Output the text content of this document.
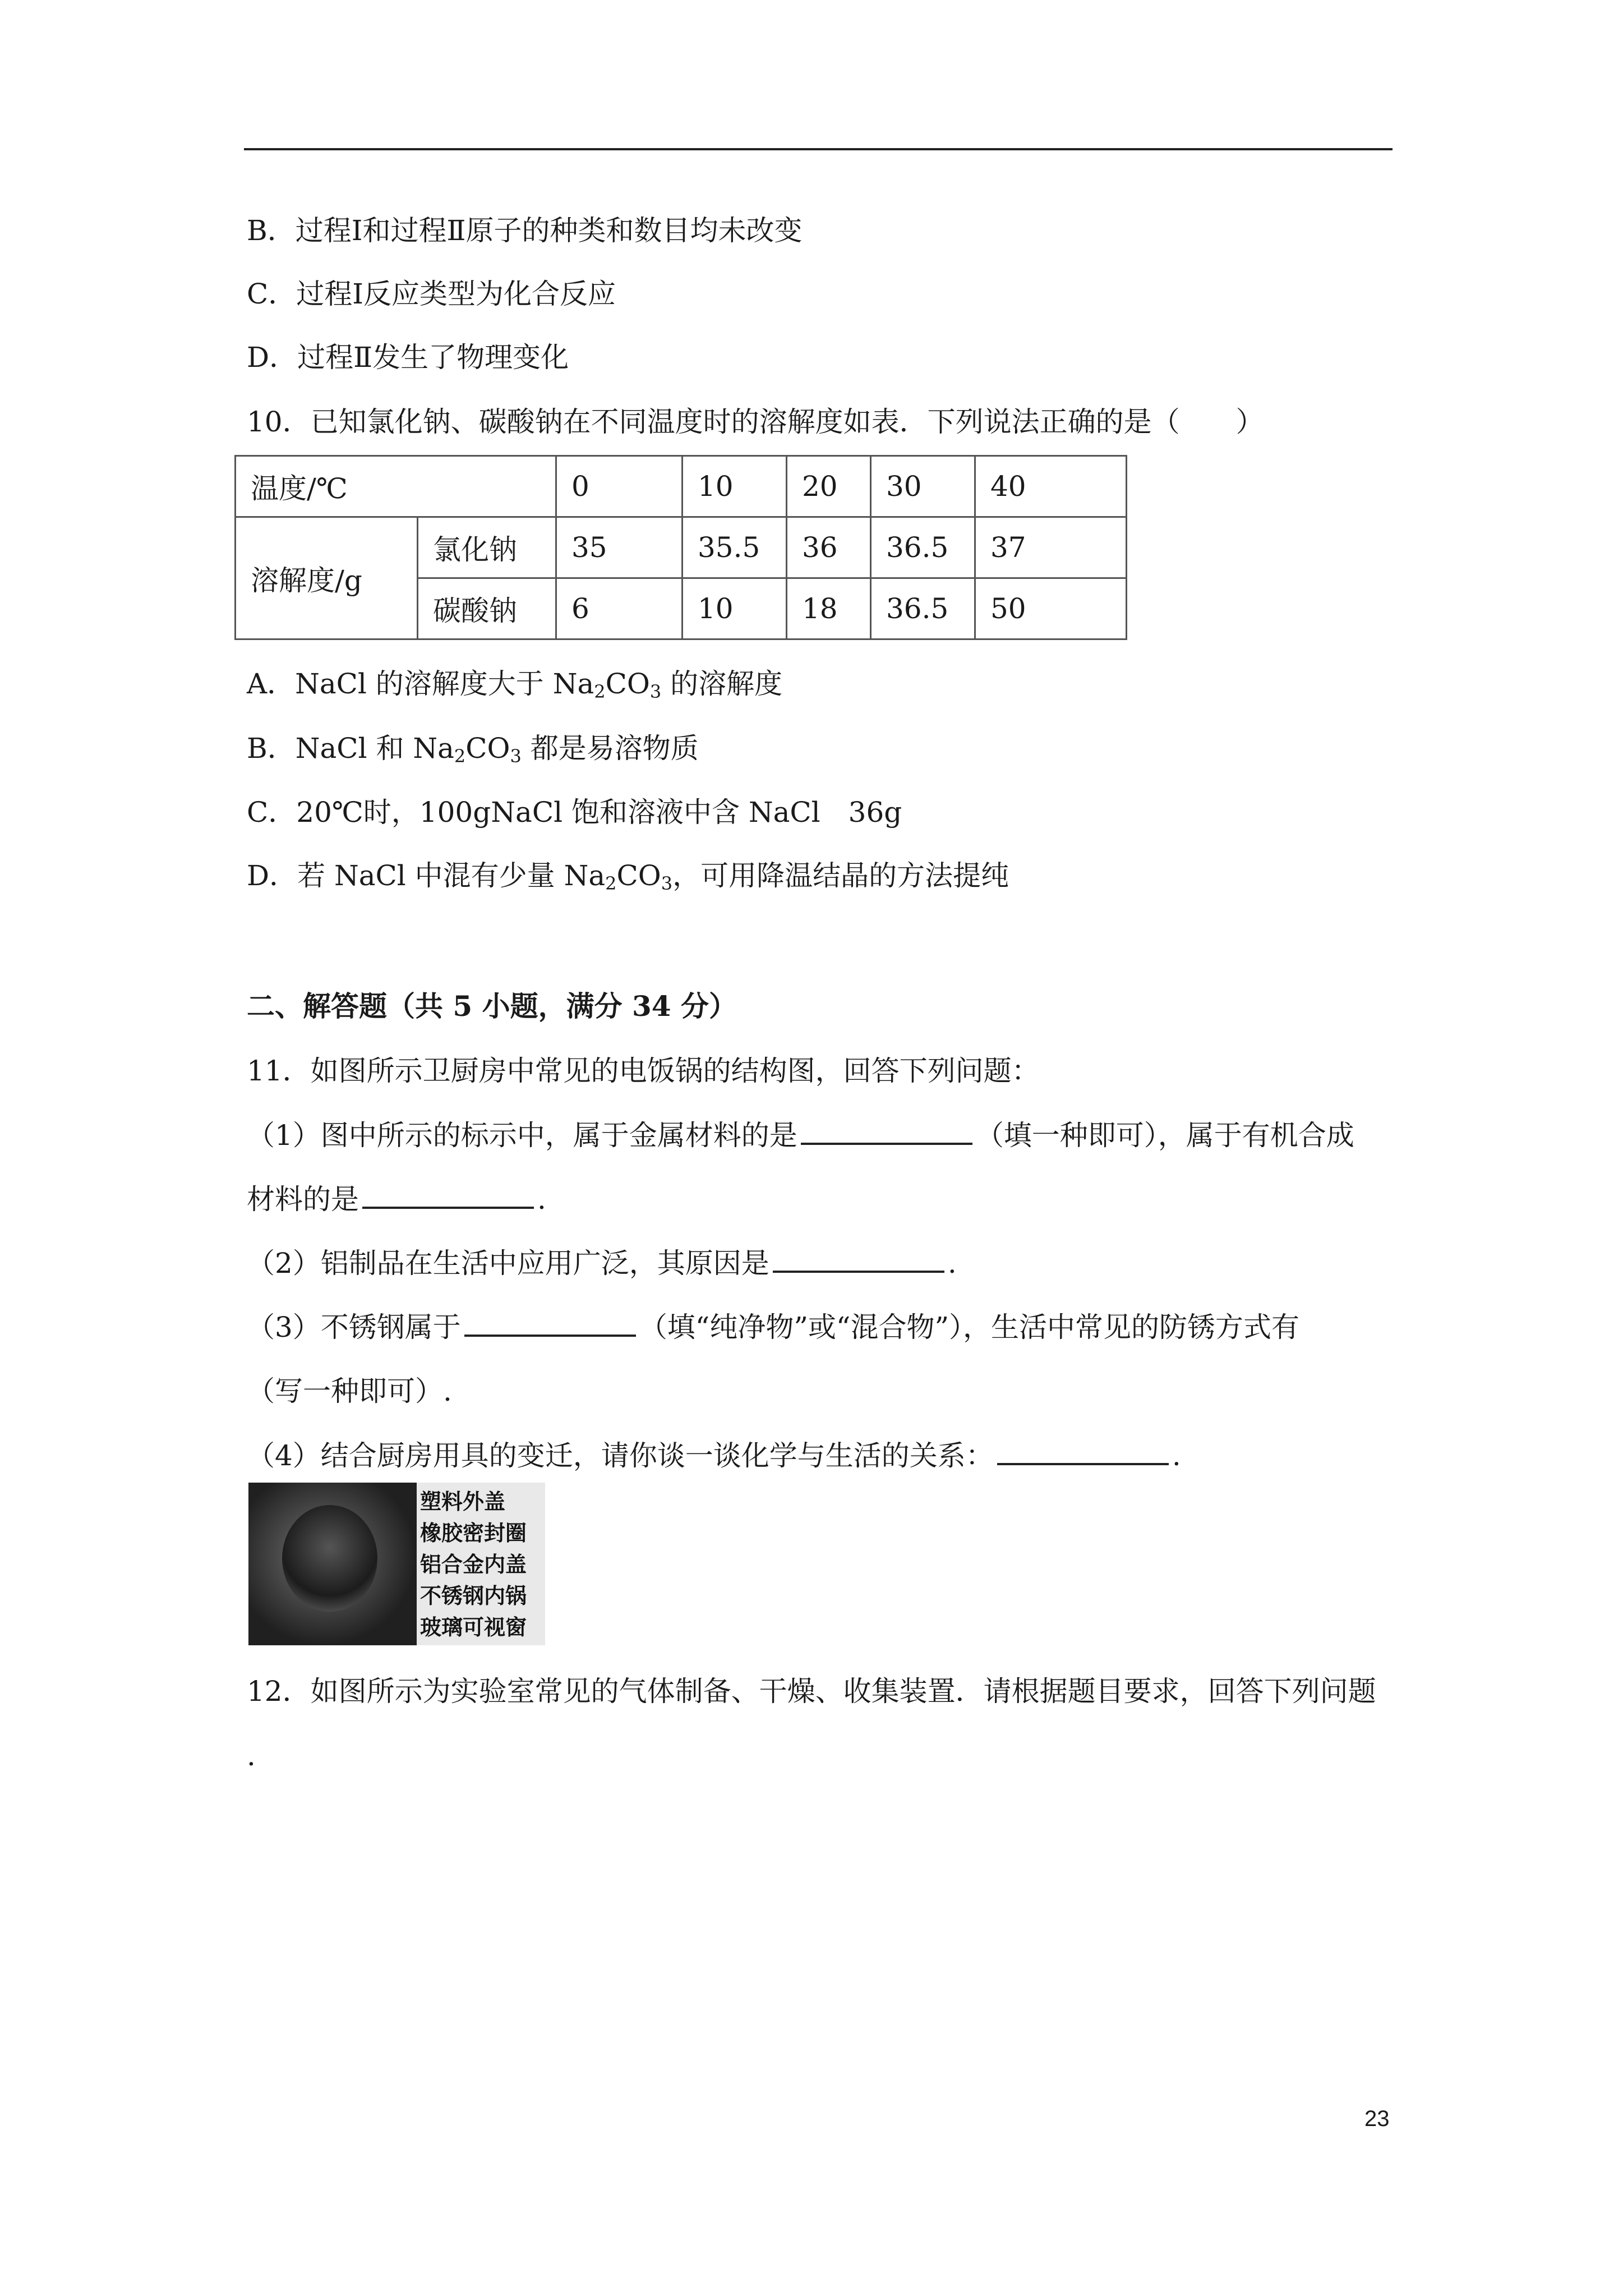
B．过程Ⅰ和过程Ⅱ原子的种类和数目均未改变
C．过程Ⅰ反应类型为化合反应
D．过程Ⅱ发生了物理变化
10．已知氯化钠、碳酸钠在不同温度时的溶解度如表．下列说法正确的是（　　）
温度/℃		0	10	20	30	40
溶解度/g	氯化钠	35	35.5	36	36.5	37
	碳酸钠	6	10	18	36.5	50
A．NaCl 的溶解度大于 $Na_2CO_3$ 的溶解度
B．NaCl 和 $Na_2CO_3$ 都是易溶物质
C．20℃时，100gNaCl 饱和溶液中含 NaCl　36g
D．若 NaCl 中混有少量 $Na_2CO_3$，可用降温结晶的方法提纯
二、解答题（共 5 小题，满分 34 分）
11．如图所示卫厨房中常见的电饭锅的结构图，回答下列问题：
（1）图中所示的标示中，属于金属材料的是	（填一种即可），属于有机合成
材料的是	.
（2）铝制品在生活中应用广泛，其原因是	.
（3）不锈钢属于	（填“纯净物”或“混合物”），生活中常见的防锈方式有
（写一种即可）.
（4）结合厨房用具的变迁，请你谈一谈化学与生活的关系：	.
塑料外盖
橡胶密封圈
铝合金内盖
不锈钢内锅
玻璃可视窗
12．如图所示为实验室常见的气体制备、干燥、收集装置．请根据题目要求，回答下列问题
.
23
